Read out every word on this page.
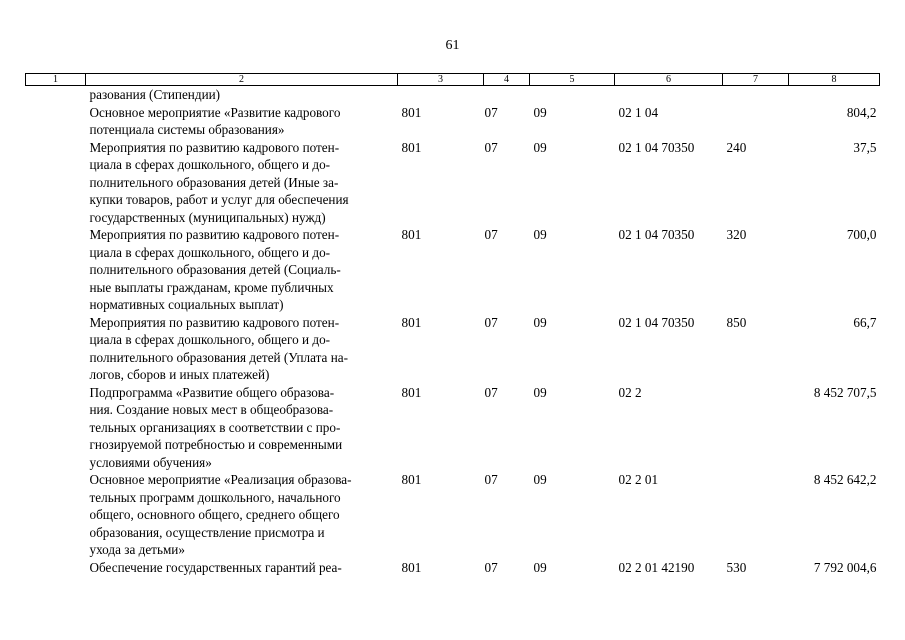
61
1	2	3	4	5	6	7	8
	разования (Стипендии)						
	Основное мероприятие «Развитие кадрового
потенциала системы образования»	801	07	09	02 1 04		804,2
	Мероприятия по развитию кадрового потен-
циала в сферах дошкольного, общего и до-
полнительного образования детей (Иные за-
купки товаров, работ и услуг для обеспечения
государственных (муниципальных) нужд)	801	07	09	02 1 04 70350	240	37,5
	Мероприятия по развитию кадрового потен-
циала в сферах дошкольного, общего и до-
полнительного образования детей (Социаль-
ные выплаты гражданам, кроме публичных
нормативных социальных выплат)	801	07	09	02 1 04 70350	320	700,0
	Мероприятия по развитию кадрового потен-
циала в сферах дошкольного, общего и до-
полнительного образования детей (Уплата на-
логов, сборов и иных платежей)	801	07	09	02 1 04 70350	850	66,7
	Подпрограмма «Развитие общего образова-
ния. Создание новых мест в общеобразова-
тельных организациях в соответствии с про-
гнозируемой потребностью и современными
условиями обучения»	801	07	09	02 2		8 452 707,5
	Основное мероприятие «Реализация образова-
тельных программ дошкольного, начального
общего, основного общего, среднего общего
образования, осуществление присмотра и
ухода за детьми»	801	07	09	02 2 01		8 452 642,2
	Обеспечение государственных гарантий реа-	801	07	09	02 2 01 42190	530	7 792 004,6
